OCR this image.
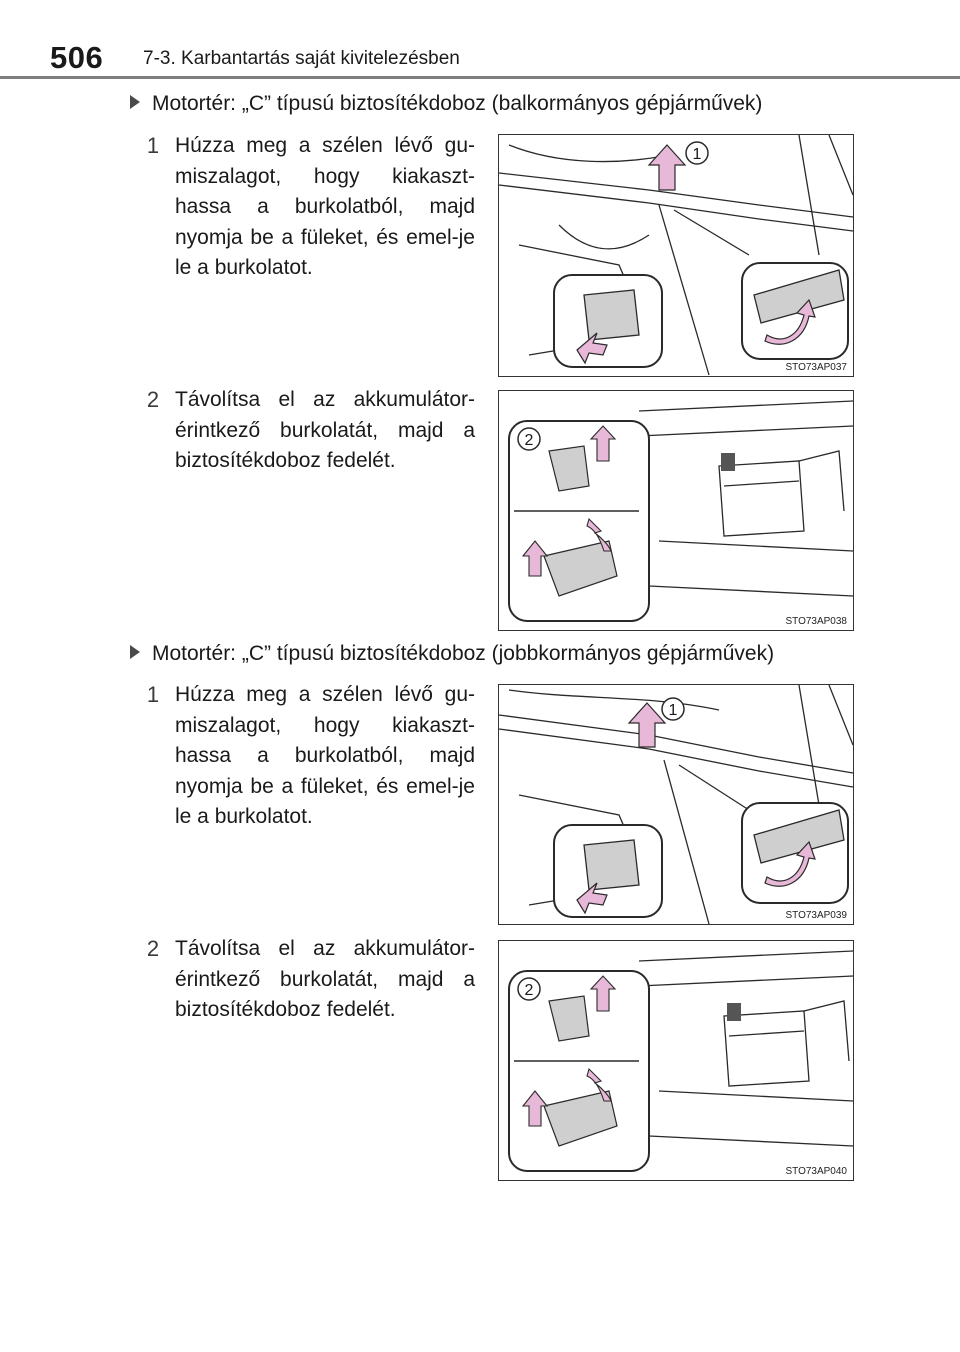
506 7-3. Karbantartás saját kivitelezésben
Motortér: „C” típusú biztosítékdoboz (balkormányos gépjárművek)
1 Húzza meg a szélen lévő gu-miszalagot, hogy kiakaszt-hassa a burkolatból, majd nyomja be a füleket, és emel-je le a burkolatot.
1
STO73AP037
2 Távolítsa el az akkumulátor-érintkező burkolatát, majd a biztosítékdoboz fedelét.
2
STO73AP038
Motortér: „C” típusú biztosítékdoboz (jobbkormányos gépjárművek)
1 Húzza meg a szélen lévő gu-miszalagot, hogy kiakaszt-hassa a burkolatból, majd nyomja be a füleket, és emel-je le a burkolatot.
1
STO73AP039
2 Távolítsa el az akkumulátor-érintkező burkolatát, majd a biztosítékdoboz fedelét.
2
STO73AP040
